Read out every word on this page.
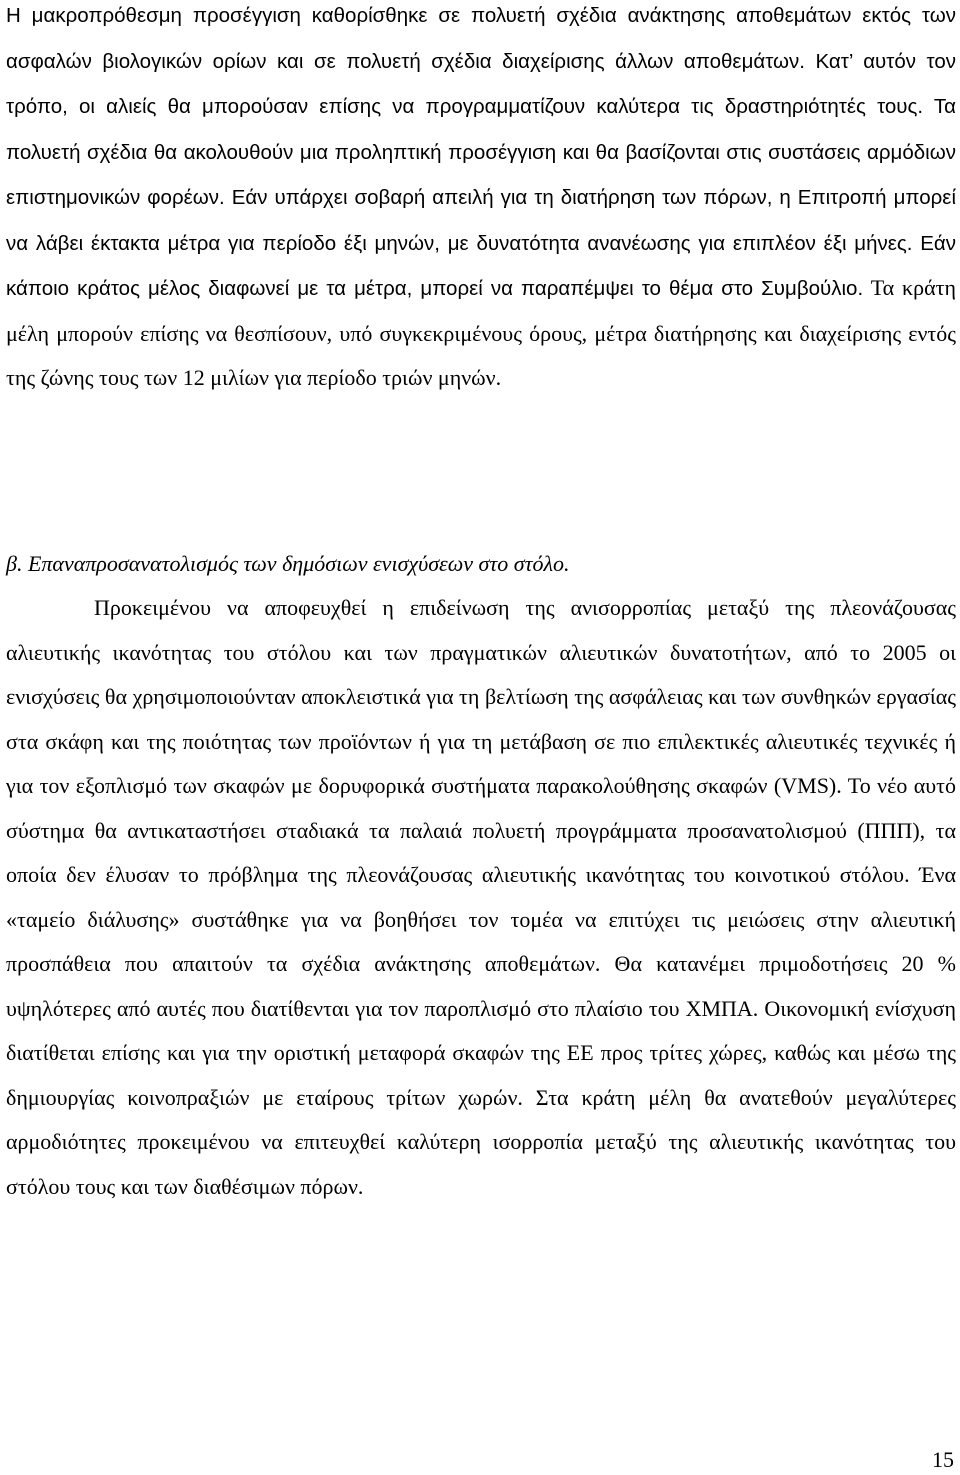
Η μακροπρόθεσμη προσέγγιση καθορίσθηκε σε πολυετή σχέδια ανάκτησης αποθεμάτων εκτός των ασφαλών βιολογικών ορίων και σε πολυετή σχέδια διαχείρισης άλλων αποθεμάτων. Κατ’ αυτόν τον τρόπο, οι αλιείς θα μπορούσαν επίσης να προγραμματίζουν καλύτερα τις δραστηριότητές τους. Τα πολυετή σχέδια θα ακολουθούν μια προληπτική προσέγγιση και θα βασίζονται στις συστάσεις αρμόδιων επιστημονικών φορέων. Εάν υπάρχει σοβαρή απειλή για τη διατήρηση των πόρων, η Επιτροπή μπορεί να λάβει έκτακτα μέτρα για περίοδο έξι μηνών, με δυνατότητα ανανέωσης για επιπλέον έξι μήνες. Εάν κάποιο κράτος μέλος διαφωνεί με τα μέτρα, μπορεί να παραπέμψει το θέμα στο Συμβούλιο. Τα κράτη μέλη μπορούν επίσης να θεσπίσουν, υπό συγκεκριμένους όρους, μέτρα διατήρησης και διαχείρισης εντός της ζώνης τους των 12 μιλίων για περίοδο τριών μηνών.

β. Επαναπροσανατολισμός των δημόσιων ενισχύσεων στο στόλο.

Προκειμένου να αποφευχθεί η επιδείνωση της ανισορροπίας μεταξύ της πλεονάζουσας αλιευτικής ικανότητας του στόλου και των πραγματικών αλιευτικών δυνατοτήτων, από το 2005 οι ενισχύσεις θα χρησιμοποιούνταν αποκλειστικά για τη βελτίωση της ασφάλειας και των συνθηκών εργασίας στα σκάφη και της ποιότητας των προϊόντων ή για τη μετάβαση σε πιο επιλεκτικές αλιευτικές τεχνικές ή για τον εξοπλισμό των σκαφών με δορυφορικά συστήματα παρακολούθησης σκαφών (VMS). Το νέο αυτό σύστημα θα αντικαταστήσει σταδιακά τα παλαιά πολυετή προγράμματα προσανατολισμού (ΠΠΠ), τα οποία δεν έλυσαν το πρόβλημα της πλεονάζουσας αλιευτικής ικανότητας του κοινοτικού στόλου. Ένα «ταμείο διάλυσης» συστάθηκε για να βοηθήσει τον τομέα να επιτύχει τις μειώσεις στην αλιευτική προσπάθεια που απαιτούν τα σχέδια ανάκτησης αποθεμάτων. Θα κατανέμει πριμοδοτήσεις 20 % υψηλότερες από αυτές που διατίθενται για τον παροπλισμό στο πλαίσιο του ΧΜΠΑ. Οικονομική ενίσχυση διατίθεται επίσης και για την οριστική μεταφορά σκαφών της ΕΕ προς τρίτες χώρες, καθώς και μέσω της δημιουργίας κοινοπραξιών με εταίρους τρίτων χωρών. Στα κράτη μέλη θα ανατεθούν μεγαλύτερες αρμοδιότητες προκειμένου να επιτευχθεί καλύτερη ισορροπία μεταξύ της αλιευτικής ικανότητας του στόλου τους και των διαθέσιμων πόρων.

15
